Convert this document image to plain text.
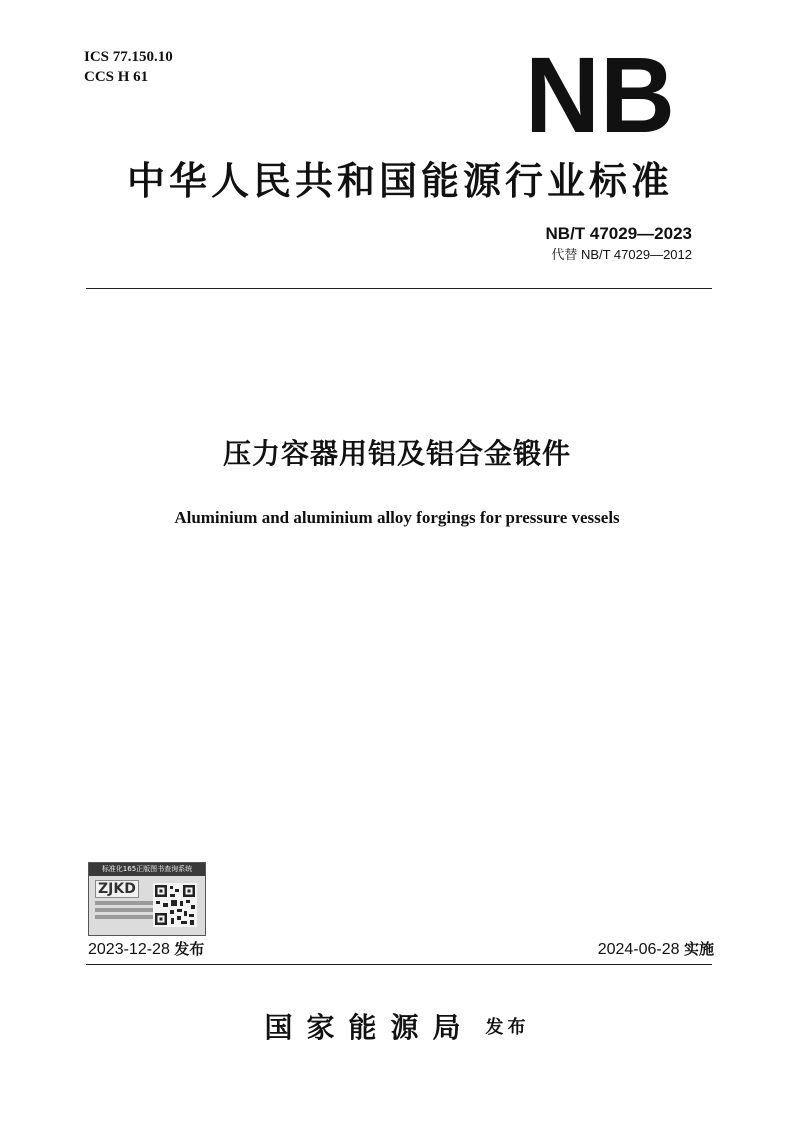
ICS 77.150.10
CCS H 61	NB
中华人民共和国能源行业标准
NB/T 47029—2023
代替 NB/T 47029—2012
压力容器用铝及铝合金锻件
Aluminium and aluminium alloy forgings for pressure vessels
标准化165正版图书查询系统
ZJKD
2023-12-28 发布	2024-06-28 实施
国家能源局 发布
